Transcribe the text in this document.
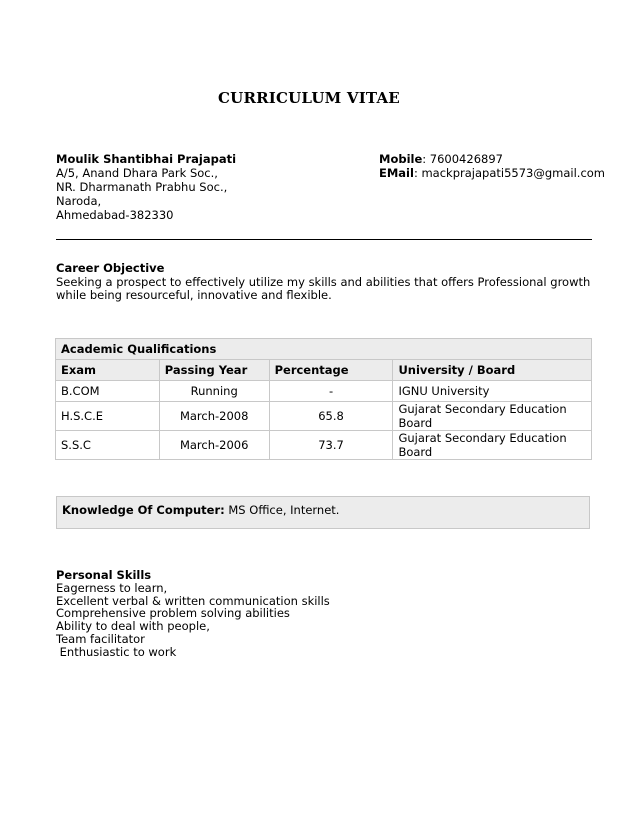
CURRICULUM VITAE
Moulik Shantibhai Prajapati
A/5, Anand Dhara Park Soc.,
NR. Dharmanath Prabhu Soc.,
Naroda,
Ahmedabad-382330
Mobile: 7600426897
EMail: mackprajapati5573@gmail.com
Career Objective
Seeking a prospect to effectively utilize my skills and abilities that offers Professional growth while being resourceful, innovative and flexible.
Academic Qualifications			
Exam	Passing Year	Percentage	University / Board
B.COM	Running	-	IGNU University
H.S.C.E	March-2008	65.8	Gujarat Secondary Education Board
S.S.C	March-2006	73.7	Gujarat Secondary Education Board
Knowledge Of Computer: MS Office, Internet.
Personal Skills
Eagerness to learn,
Excellent verbal & written communication skills
Comprehensive problem solving abilities
Ability to deal with people,
Team facilitator
Enthusiastic to work
